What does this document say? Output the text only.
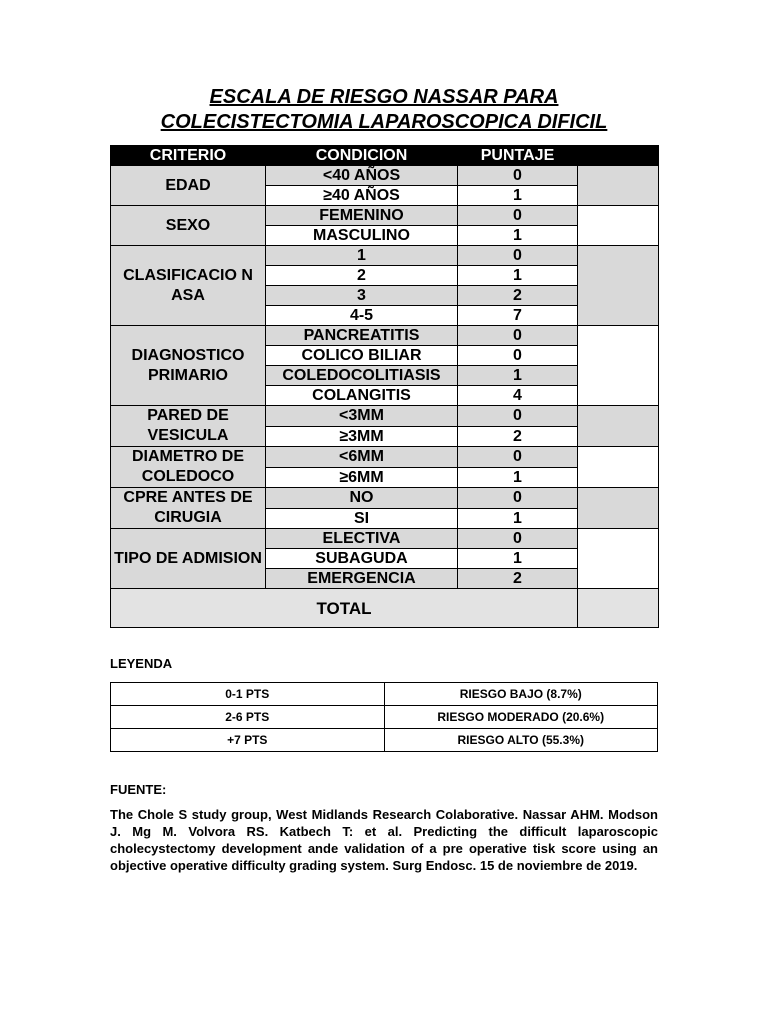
ESCALA DE RIESGO NASSAR PARA
COLECISTECTOMIA LAPAROSCOPICA DIFICIL
CRITERIO	CONDICION	PUNTAJE	
EDAD	<40 AÑOS	0	
	≥40 AÑOS	1	
SEXO	FEMENINO	0	
	MASCULINO	1	
CLASIFICACIO N ASA	1	0	
	2	1	
	3	2	
	4-5	7	
DIAGNOSTICO PRIMARIO	PANCREATITIS	0	
	COLICO BILIAR	0	
	COLEDOCOLITIASIS	1	
	COLANGITIS	4	
PARED DE VESICULA	<3MM	0	
	≥3MM	2	
DIAMETRO DE COLEDOCO	<6MM	0	
	≥6MM	1	
CPRE ANTES DE CIRUGIA	NO	0	
	SI	1	
TIPO DE ADMISION	ELECTIVA	0	
	SUBAGUDA	1	
	EMERGENCIA	2	
TOTAL			
LEYENDA
0-1 PTS	RIESGO BAJO (8.7%)
2-6 PTS	RIESGO MODERADO (20.6%)
+7 PTS	RIESGO ALTO (55.3%)
FUENTE:
The Chole S study group, West Midlands Research Colaborative. Nassar AHM. Modson J. Mg M. Volvora RS. Katbech T: et al. Predicting the difficult laparoscopic cholecystectomy development ande validation of a pre operative tisk score using an objective operative difficulty grading system. Surg Endosc. 15 de noviembre de 2019.
